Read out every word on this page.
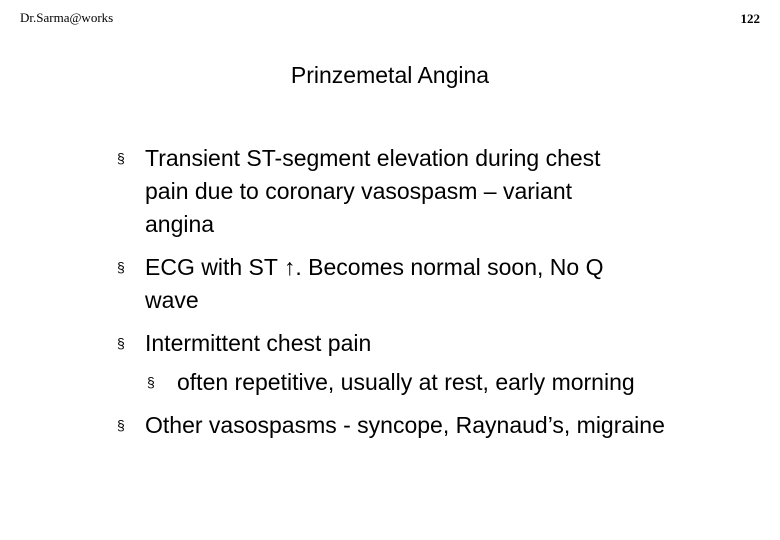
Dr.Sarma@works	122
Prinzemetal Angina
§ Transient ST-segment elevation during chest pain due to coronary vasospasm – variant angina
§ ECG with ST ↑. Becomes normal soon, No Q wave
§ Intermittent chest pain
§ often repetitive, usually at rest, early morning
§ Other vasospasms - syncope, Raynaud’s, migraine
